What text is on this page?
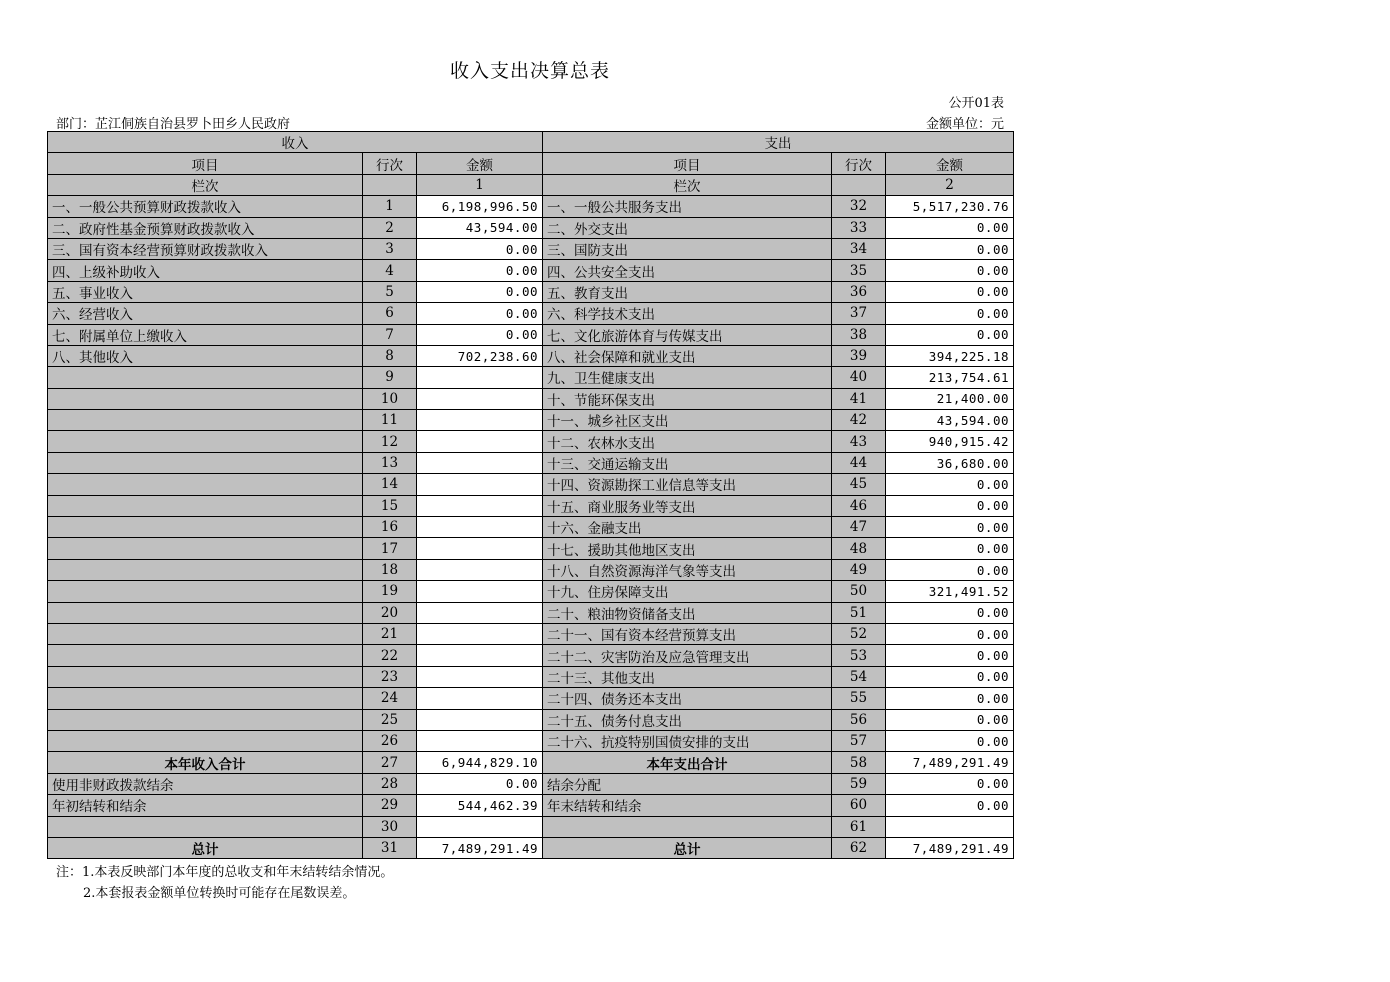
收入支出决算总表
公开01表
部门：芷江侗族自治县罗卜田乡人民政府	金额单位：元
收入			支出		
项目	行次	金额	项目	行次	金额
栏次		1	栏次		2
一、一般公共预算财政拨款收入	1	6,198,996.50	一、一般公共服务支出	32	5,517,230.76
二、政府性基金预算财政拨款收入	2	43,594.00	二、外交支出	33	0.00
三、国有资本经营预算财政拨款收入	3	0.00	三、国防支出	34	0.00
四、上级补助收入	4	0.00	四、公共安全支出	35	0.00
五、事业收入	5	0.00	五、教育支出	36	0.00
六、经营收入	6	0.00	六、科学技术支出	37	0.00
七、附属单位上缴收入	7	0.00	七、文化旅游体育与传媒支出	38	0.00
八、其他收入	8	702,238.60	八、社会保障和就业支出	39	394,225.18
	9		九、卫生健康支出	40	213,754.61
	10		十、节能环保支出	41	21,400.00
	11		十一、城乡社区支出	42	43,594.00
	12		十二、农林水支出	43	940,915.42
	13		十三、交通运输支出	44	36,680.00
	14		十四、资源勘探工业信息等支出	45	0.00
	15		十五、商业服务业等支出	46	0.00
	16		十六、金融支出	47	0.00
	17		十七、援助其他地区支出	48	0.00
	18		十八、自然资源海洋气象等支出	49	0.00
	19		十九、住房保障支出	50	321,491.52
	20		二十、粮油物资储备支出	51	0.00
	21		二十一、国有资本经营预算支出	52	0.00
	22		二十二、灾害防治及应急管理支出	53	0.00
	23		二十三、其他支出	54	0.00
	24		二十四、债务还本支出	55	0.00
	25		二十五、债务付息支出	56	0.00
	26		二十六、抗疫特别国债安排的支出	57	0.00
本年收入合计	27	6,944,829.10	本年支出合计	58	7,489,291.49
使用非财政拨款结余	28	0.00	结余分配	59	0.00
年初结转和结余	29	544,462.39	年末结转和结余	60	0.00
	30			61	
总计	31	7,489,291.49	总计	62	7,489,291.49
注：1.本表反映部门本年度的总收支和年末结转结余情况。
2.本套报表金额单位转换时可能存在尾数误差。
